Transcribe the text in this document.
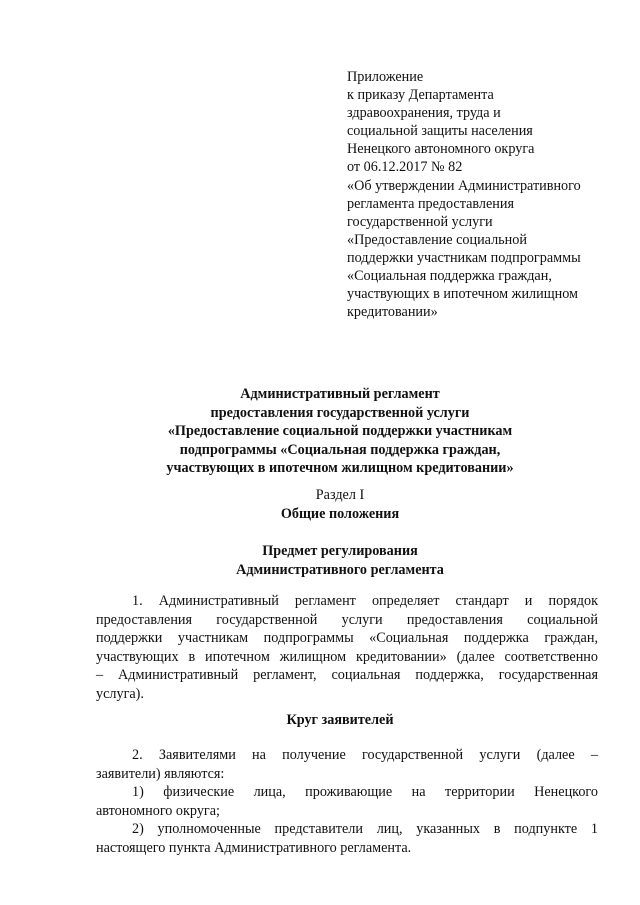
Приложение
к приказу Департамента
здравоохранения, труда и
социальной защиты населения
Ненецкого автономного округа
от 06.12.2017 № 82
«Об утверждении Административного
регламента предоставления
государственной услуги
«Предоставление социальной
поддержки участникам подпрограммы
«Социальная поддержка граждан,
участвующих в ипотечном жилищном
кредитовании»
Административный регламент
предоставления государственной услуги
«Предоставление социальной поддержки участникам
подпрограммы «Социальная поддержка граждан,
участвующих в ипотечном жилищном кредитовании»
Раздел I
Общие положения
Предмет регулирования
Административного регламента
1. Административный регламент определяет стандарт и порядок
предоставления государственной услуги предоставления социальной
поддержки участникам подпрограммы «Социальная поддержка граждан,
участвующих в ипотечном жилищном кредитовании» (далее соответственно
– Административный регламент, социальная поддержка, государственная
услуга).
Круг заявителей
2. Заявителями на получение государственной услуги (далее –
заявители) являются:
1) физические лица, проживающие на территории Ненецкого
автономного округа;
2) уполномоченные представители лиц, указанных в подпункте 1
настоящего пункта Административного регламента.
